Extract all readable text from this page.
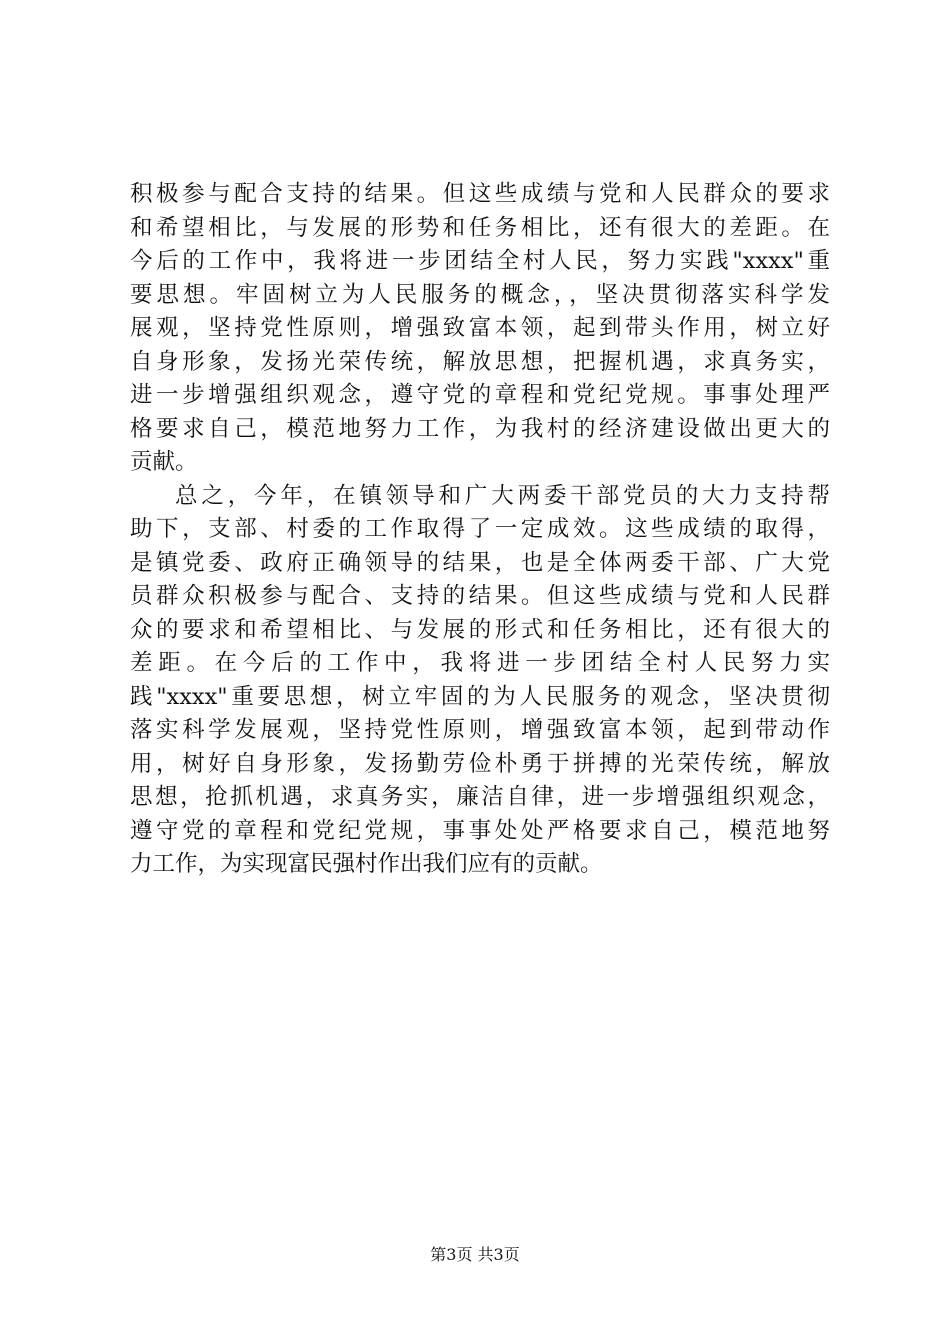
积极参与配合支持的结果。但这些成绩与党和人民群众的要求
和希望相比，与发展的形势和任务相比，还有很大的差距。在
今后的工作中，我将进一步团结全村人民，努力实践"xxxx"重
要思想。牢固树立为人民服务的概念，，坚决贯彻落实科学发
展观，坚持党性原则，增强致富本领，起到带头作用，树立好
自身形象，发扬光荣传统，解放思想，把握机遇，求真务实，
进一步增强组织观念，遵守党的章程和党纪党规。事事处理严
格要求自己，模范地努力工作，为我村的经济建设做出更大的
贡献。
总之，今年，在镇领导和广大两委干部党员的大力支持帮
助下，支部、村委的工作取得了一定成效。这些成绩的取得，
是镇党委、政府正确领导的结果，也是全体两委干部、广大党
员群众积极参与配合、支持的结果。但这些成绩与党和人民群
众的要求和希望相比、与发展的形式和任务相比，还有很大的
差距。在今后的工作中，我将进一步团结全村人民努力实
践"xxxx"重要思想，树立牢固的为人民服务的观念，坚决贯彻
落实科学发展观，坚持党性原则，增强致富本领，起到带动作
用，树好自身形象，发扬勤劳俭朴勇于拼搏的光荣传统，解放
思想，抢抓机遇，求真务实，廉洁自律，进一步增强组织观念，
遵守党的章程和党纪党规，事事处处严格要求自己，模范地努
力工作，为实现富民强村作出我们应有的贡献。
第3页 共3页
